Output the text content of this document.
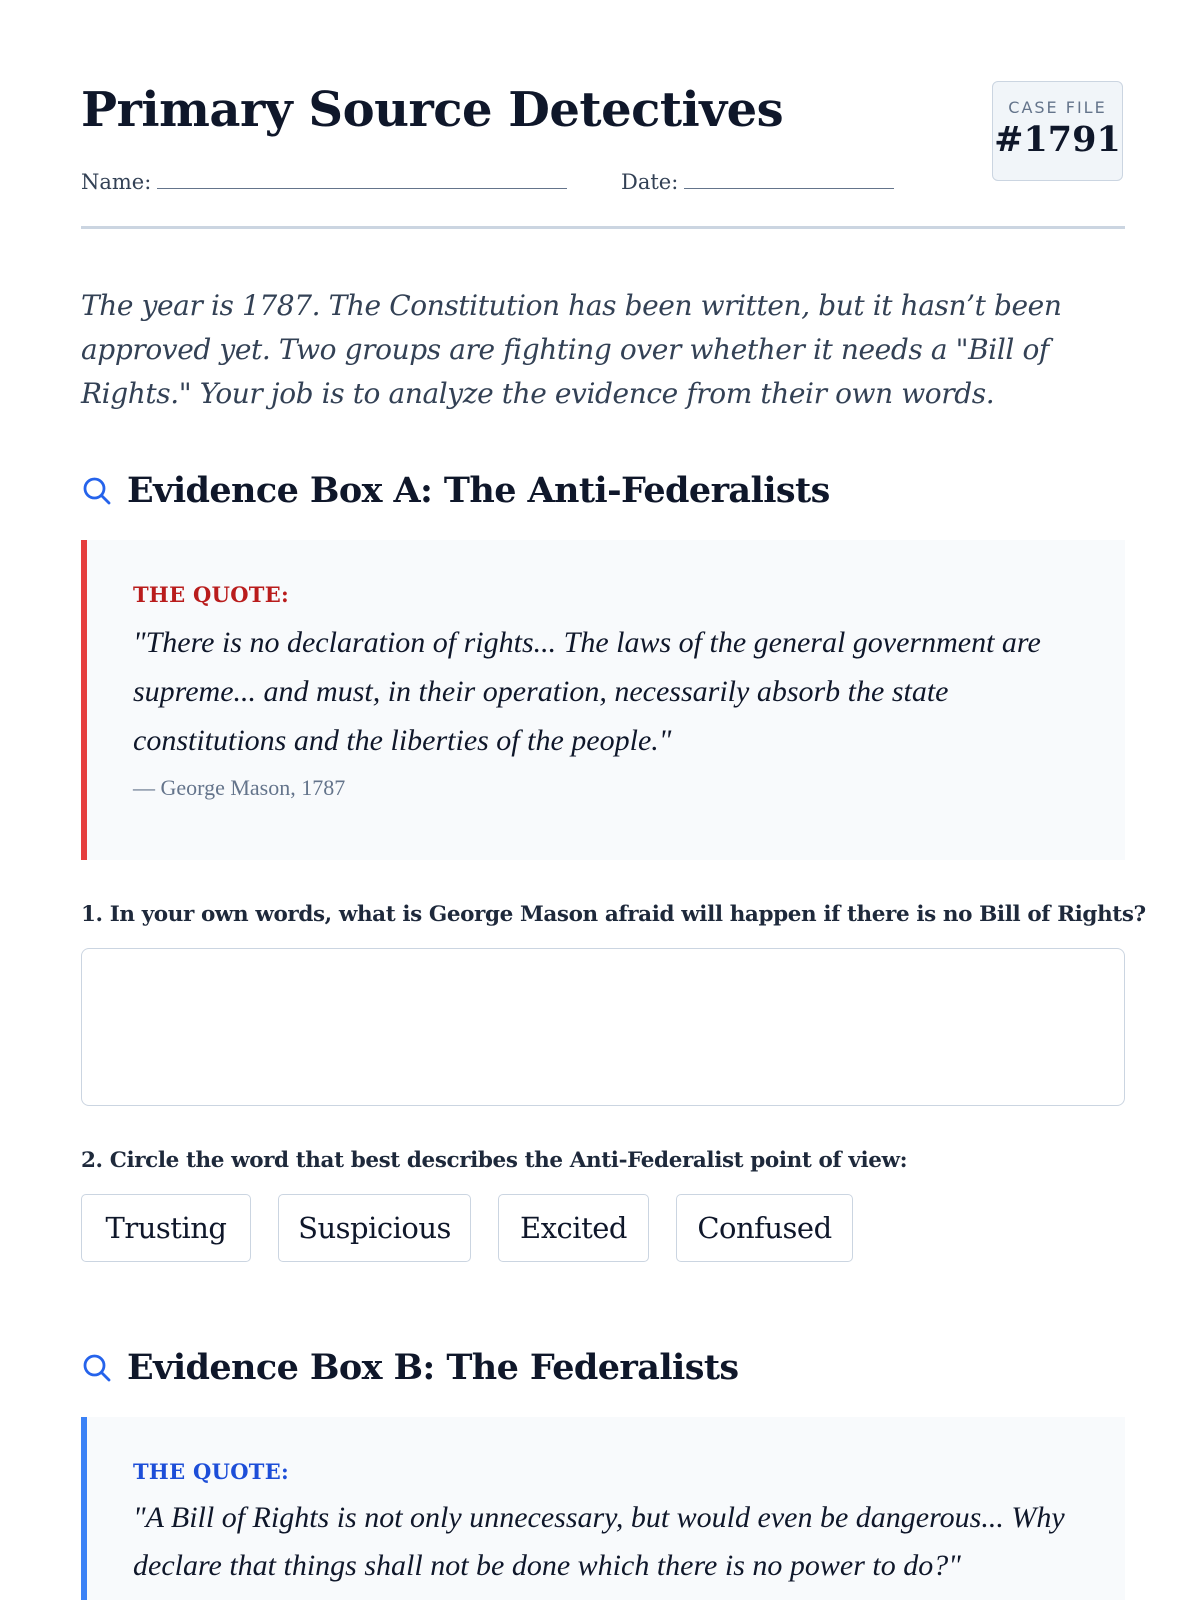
Primary Source Detectives
Name:	Date:
CASE FILE
#1791

The year is 1787. The Constitution has been written, but it hasn’t been approved yet. Two groups are fighting over whether it needs a "Bill of Rights." Your job is to analyze the evidence from their own words.

Evidence Box A: The Anti-Federalists
THE QUOTE:
"There is no declaration of rights... The laws of the general government are supreme... and must, in their operation, necessarily absorb the state constitutions and the liberties of the people."
— George Mason, 1787
1. In your own words, what is George Mason afraid will happen if there is no Bill of Rights?
2. Circle the word that best describes the Anti-Federalist point of view:
Trusting	Suspicious	Excited	Confused
Evidence Box B: The Federalists
THE QUOTE:
"A Bill of Rights is not only unnecessary, but would even be dangerous... Why declare that things shall not be done which there is no power to do?"
